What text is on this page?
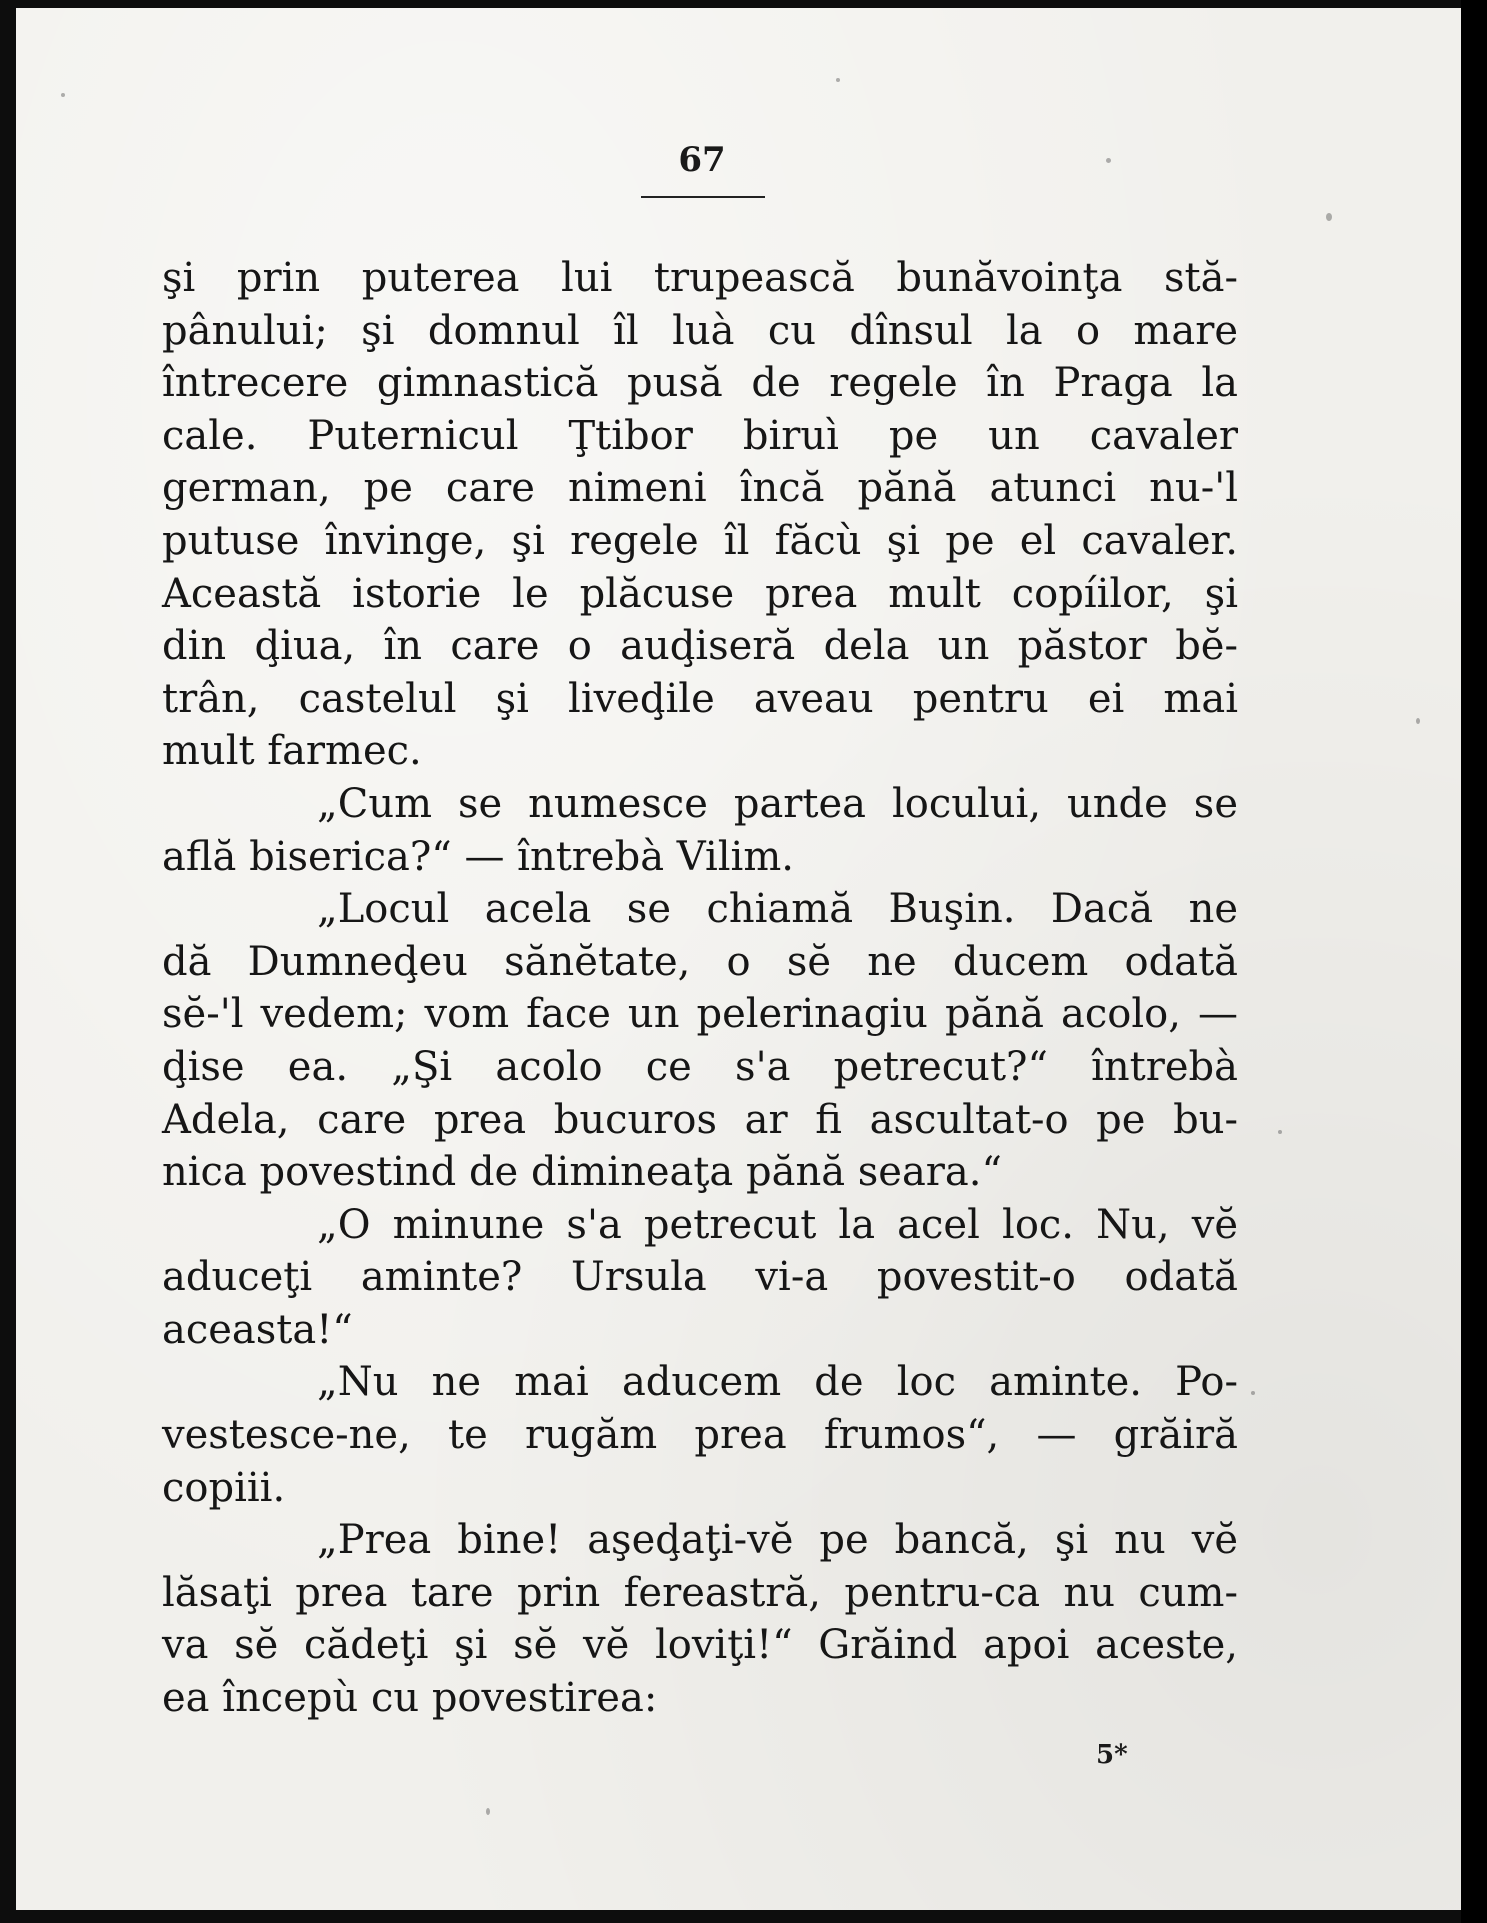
67
şi prin puterea lui trupească bunăvoinţa stă-
pânului; şi domnul îl luà cu dînsul la o mare
întrecere gimnastică pusă de regele în Praga la
cale. Puternicul Ţtibor biruì pe un cavaler
german, pe care nimeni încă pănă atunci nu-'l
putuse învinge, şi regele îl făcù şi pe el cavaler.
Această istorie le plăcuse prea mult copíilor, şi
din ḑiua, în care o auḑiseră dela un păstor bĕ-
trân, castelul şi liveḑile aveau pentru ei mai
mult farmec.
„Cum se numesce partea locului, unde se
află biserica?“ — întrebà Vilim.
„Locul acela se chiamă Buşin. Dacă ne
dă Dumneḑeu sănĕtate, o sĕ ne ducem odată
sĕ-'l vedem; vom face un pelerinagiu pănă acolo, —
ḑise ea. „Şi acolo ce s'a petrecut?“ întrebà
Adela, care prea bucuros ar fi ascultat-o pe bu-
nica povestind de dimineaţa pănă seara.“
„O minune s'a petrecut la acel loc. Nu, vĕ
aduceţi aminte? Ursula vi-a povestit-o odată
aceasta!“
„Nu ne mai aducem de loc aminte. Po-
vestesce-ne, te rugăm prea frumos“, — grăiră
copiii.
„Prea bine! aşeḑaţi-vĕ pe bancă, şi nu vĕ
lăsaţi prea tare prin fereastră, pentru-ca nu cum-
va sĕ cădeţi şi sĕ vĕ loviţi!“ Grăind apoi aceste,
ea începù cu povestirea:
5*
